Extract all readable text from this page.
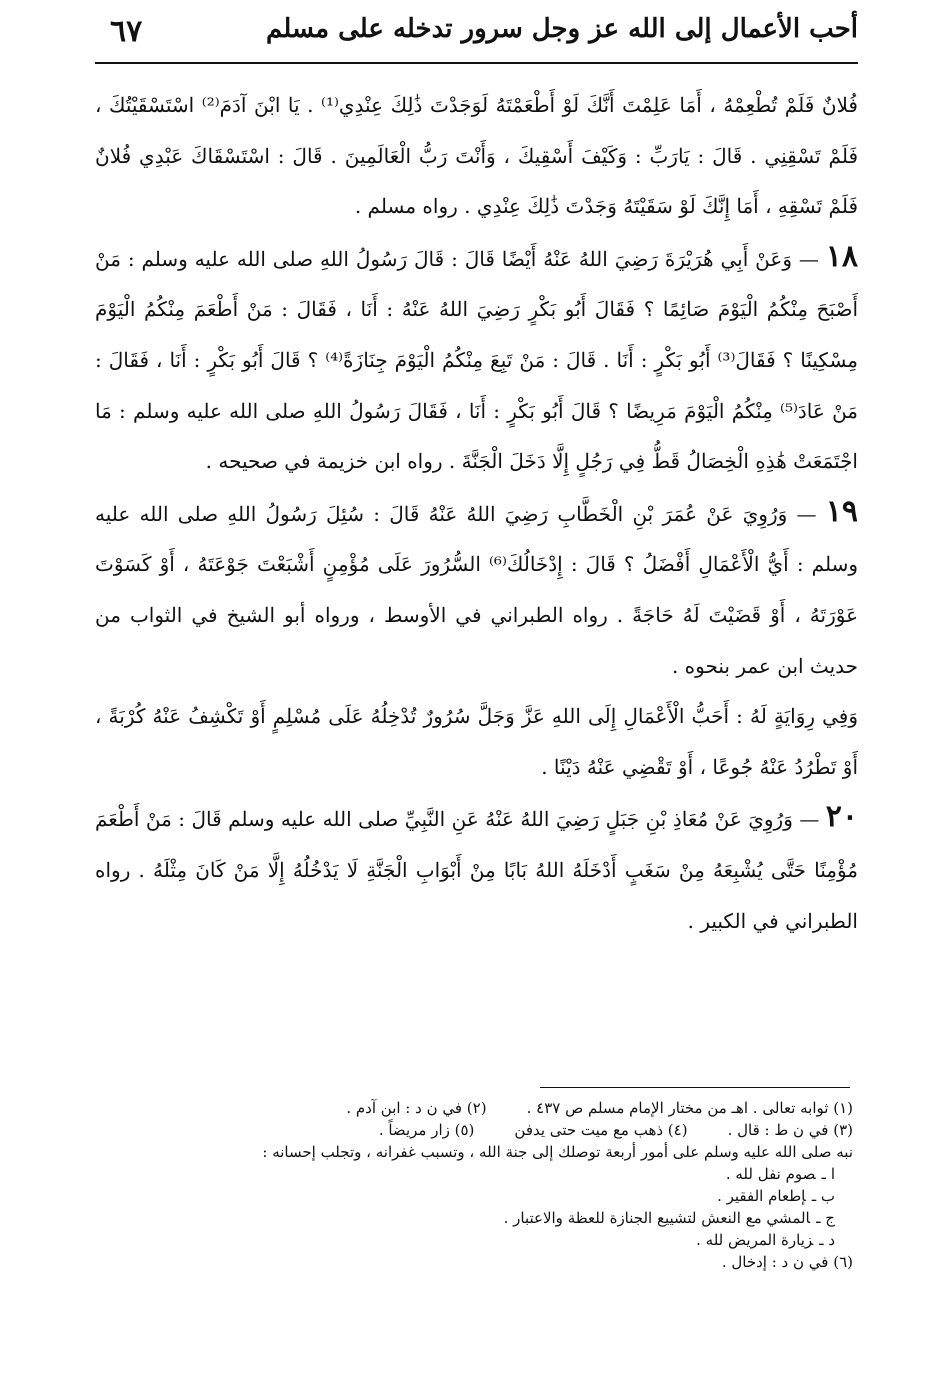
أحب الأعمال إلى الله عز وجل سرور تدخله على مسلم
٦٧

فُلانٌ فَلَمْ تُطْعِمْهُ ، أَمَا عَلِمْتَ أَنَّكَ لَوْ أَطْعَمْتَهُ لَوَجَدْتَ ذَٰلِكَ عِنْدِي⁽¹⁾ . يَا ابْنَ آدَمَ⁽²⁾ اسْتَسْقَيْتُكَ ، فَلَمْ تَسْقِنِي . قَالَ : يَارَبِّ : وَكَيْفَ أَسْقِيكَ ، وَأَنْتَ رَبُّ الْعَالَمِينَ . قَالَ : اسْتَسْقَاكَ عَبْدِي فُلانٌ فَلَمْ تَسْقِهِ ، أَمَا إِنَّكَ لَوْ سَقَيْتَهُ وَجَدْتَ ذَٰلِكَ عِنْدِي . رواه مسلم .

١٨ — وَعَنْ أَبِي هُرَيْرَةَ رَضِيَ اللهُ عَنْهُ أَيْضًا قَالَ : قَالَ رَسُولُ اللهِ صلى الله عليه وسلم : مَنْ أَصْبَحَ مِنْكُمُ الْيَوْمَ صَائِمًا ؟ فَقَالَ أَبُو بَكْرٍ رَضِيَ اللهُ عَنْهُ : أَنَا ، فَقَالَ : مَنْ أَطْعَمَ مِنْكُمُ الْيَوْمَ مِسْكِينًا ؟ فَقَالَ⁽³⁾ أَبُو بَكْرٍ : أَنَا . قَالَ : مَنْ تَبِعَ مِنْكُمُ الْيَوْمَ جِنَازَةً⁽⁴⁾ ؟ قَالَ أَبُو بَكْرٍ : أَنَا ، فَقَالَ : مَنْ عَادَ⁽⁵⁾ مِنْكُمُ الْيَوْمَ مَرِيضًا ؟ قَالَ أَبُو بَكْرٍ : أَنَا ، فَقَالَ رَسُولُ اللهِ صلى الله عليه وسلم : مَا اجْتَمَعَتْ هَٰذِهِ الْخِصَالُ قَطُّ فِي رَجُلٍ إِلَّا دَخَلَ الْجَنَّةَ . رواه ابن خزيمة في صحيحه .

١٩ — وَرُوِيَ عَنْ عُمَرَ بْنِ الْخَطَّابِ رَضِيَ اللهُ عَنْهُ قَالَ : سُئِلَ رَسُولُ اللهِ صلى الله عليه وسلم : أَيُّ الْأَعْمَالِ أَفْضَلُ ؟ قَالَ : إِدْخَالُكَ⁽⁶⁾ السُّرُورَ عَلَى مُؤْمِنٍ أَشْبَعْتَ جَوْعَتَهُ ، أَوْ كَسَوْتَ عَوْرَتَهُ ، أَوْ قَضَيْتَ لَهُ حَاجَةً . رواه الطبراني في الأوسط ، ورواه أبو الشيخ في الثواب من حديث ابن عمر بنحوه .

وَفِي رِوَايَةٍ لَهُ : أَحَبُّ الْأَعْمَالِ إِلَى اللهِ عَزَّ وَجَلَّ سُرُورٌ تُدْخِلُهُ عَلَى مُسْلِمٍ أَوْ تَكْشِفُ عَنْهُ كُرْبَةً ، أَوْ تَطْرُدُ عَنْهُ جُوعًا ، أَوْ تَقْضِي عَنْهُ دَيْنًا .

٢٠ — وَرُوِيَ عَنْ مُعَاذِ بْنِ جَبَلٍ رَضِيَ اللهُ عَنْهُ عَنِ النَّبِيِّ صلى الله عليه وسلم قَالَ : مَنْ أَطْعَمَ مُؤْمِنًا حَتَّى يُشْبِعَهُ مِنْ سَغَبٍ أَدْخَلَهُ اللهُ بَابًا مِنْ أَبْوَابِ الْجَنَّةِ لَا يَدْخُلُهُ إِلَّا مَنْ كَانَ مِثْلَهُ . رواه الطبراني في الكبير .

(١) ثوابه تعالى . اهـ من مختار الإمام مسلم ص ٤٣٧ .
(٢) في ن د : ابن آدم .
(٣) في ن ط : قال .
(٤) ذهب مع ميت حتى يدفن
(٥) زار مريضاً .
نبه صلى الله عليه وسلم على أمور أربعة توصلك إلى جنة الله ، وتسبب غفرانه ، وتجلب إحسانه :
ا ـصوم نفل لله .
ب ـإطعام الفقير .
ج ـالمشي مع النعش لتشييع الجنازة للعظة والاعتبار .
د ـزيارة المريض لله .
(٦) في ن د : إدخال .
